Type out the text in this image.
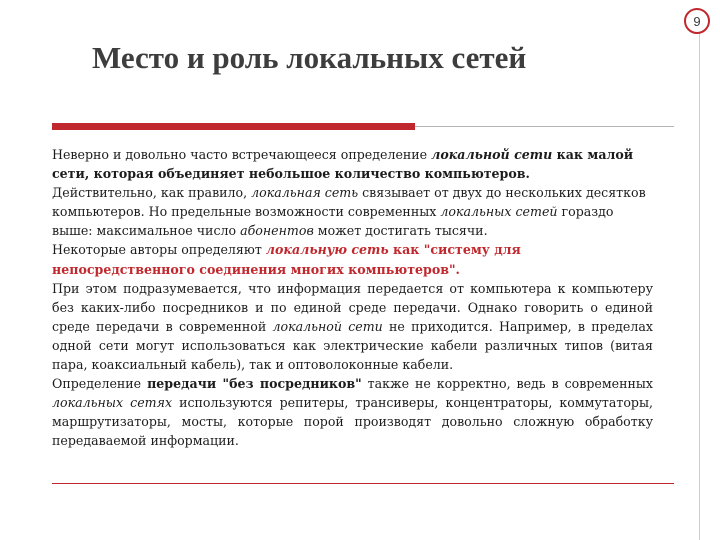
9
Место и роль локальных сетей

Неверно и довольно часто встречающееся определение локальной сети как малой сети, которая объединяет небольшое количество компьютеров.

Действительно, как правило, локальная сеть связывает от двух до нескольких десятков компьютеров. Но предельные возможности современных локальных сетей гораздо выше: максимальное число абонентов может достигать тысячи.

Некоторые авторы определяют локальную сеть как "систему для непосредственного соединения многих компьютеров".

При этом подразумевается, что информация передается от компьютера к компьютеру без каких-либо посредников и по единой среде передачи. Однако говорить о единой среде передачи в современной локальной сети не приходится. Например, в пределах одной сети могут использоваться как электрические кабели различных типов (витая пара, коаксиальный кабель), так и оптоволоконные кабели.

Определение передачи "без посредников" также не корректно, ведь в современных локальных сетях используются репитеры, трансиверы, концентраторы, коммутаторы, маршрутизаторы, мосты, которые порой производят довольно сложную обработку передаваемой информации.
